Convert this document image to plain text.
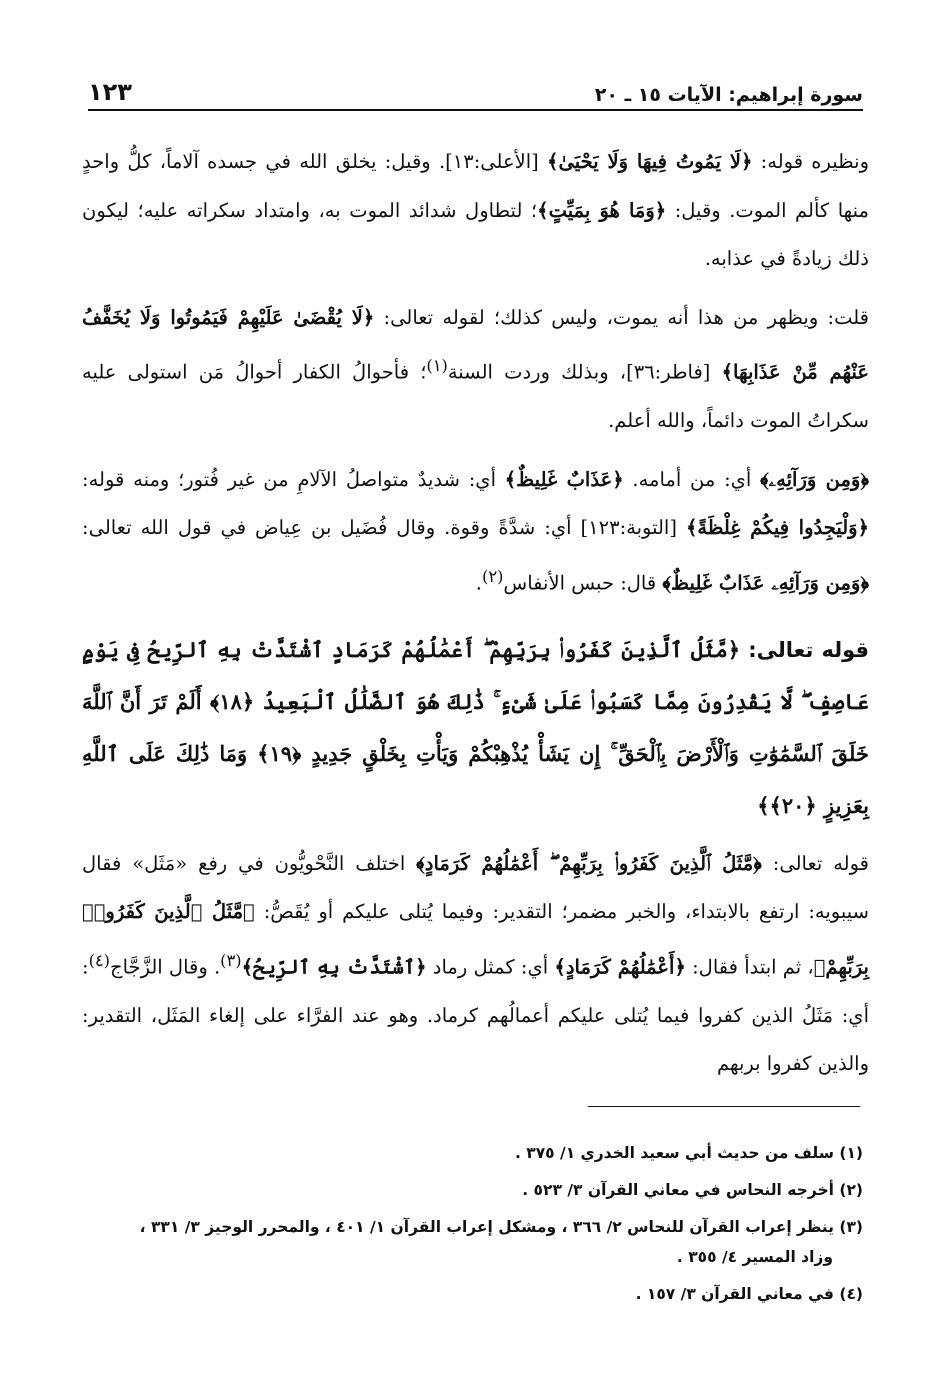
سورة إبراهيم: الآيات ١٥ ـ ٢٠
١٢٣

ونظيره قوله: ﴿لَا يَمُوتُ فِيهَا وَلَا يَحْيَىٰ﴾ [الأعلى:١٣]. وقيل: يخلق الله في جسده آلاماً، كلُّ واحدٍ منها كألم الموت. وقيل: ﴿وَمَا هُوَ بِمَيِّتٍ﴾؛ لتطاول شدائد الموت به، وامتداد سكراته عليه؛ ليكون ذلك زيادةً في عذابه.

قلت: ويظهر من هذا أنه يموت، وليس كذلك؛ لقوله تعالى: ﴿لَا يُقْضَىٰ عَلَيْهِمْ فَيَمُوتُوا وَلَا يُخَفَّفُ عَنْهُم مِّنْ عَذَابِهَا﴾ [فاطر:٣٦]، وبذلك وردت السنة$^{(١)}$؛ فأحوالُ الكفار أحوالُ مَن استولى عليه سكراتُ الموت دائماً، والله أعلم.

﴿وَمِن وَرَآئِهِۦ﴾ أي: من أمامه. ﴿عَذَابٌ غَلِيظٌ﴾ أي: شديدٌ متواصلُ الآلامِ من غير فُتور؛ ومنه قوله: ﴿وَلْيَجِدُوا فِيكُمْ غِلْظَةً﴾ [التوبة:١٢٣] أي: شدَّةً وقوة. وقال فُضَيل بن عِياض في قول الله تعالى: ﴿وَمِن وَرَآئِهِۦ عَذَابٌ غَلِيظٌ﴾ قال: حبس الأنفاس$^{(٢)}$.

قوله تعالى: ﴿مَّثَلُ ٱلَّذِينَ كَفَرُوا۟ بِرَبِّهِمْ ۖ أَعْمَٰلُهُمْ كَرَمَادٍ ٱشْتَدَّتْ بِهِ ٱلرِّيحُ فِى يَوْمٍ عَاصِفٍ ۖ لَّا يَقْدِرُونَ مِمَّا كَسَبُوا۟ عَلَىٰ شَىْءٍ ۚ ذَٰلِكَ هُوَ ٱلضَّلَٰلُ ٱلْبَعِيدُ ﴿١٨﴾ أَلَمْ تَرَ أَنَّ ٱللَّهَ خَلَقَ ٱلسَّمَٰوَٰتِ وَٱلْأَرْضَ بِٱلْحَقِّ ۚ إِن يَشَأْ يُذْهِبْكُمْ وَيَأْتِ بِخَلْقٍ جَدِيدٍ ﴿١٩﴾ وَمَا ذَٰلِكَ عَلَى ٱللَّهِ بِعَزِيزٍ ﴿٢٠﴾﴾

قوله تعالى: ﴿مَّثَلُ ٱلَّذِينَ كَفَرُوا۟ بِرَبِّهِمْ ۖ أَعْمَٰلُهُمْ كَرَمَادٍ﴾ اختلف النَّحْويُّون في رفع «مَثَل» فقال سيبويه: ارتفع بالابتداء، والخبر مضمر؛ التقدير: وفيما يُتلى عليكم أو يُقَصُّ: ﴿مَّثَلُ ٱلَّذِينَ كَفَرُوا۟ بِرَبِّهِمْ﴾، ثم ابتدأ فقال: ﴿أَعْمَٰلُهُمْ كَرَمَادٍ﴾ أي: كمثل رماد ﴿ٱشْتَدَّتْ بِهِ ٱلرِّيحُ﴾$^{(٣)}$. وقال الزَّجَّاج$^{(٤)}$: أي: مَثَلُ الذين كفروا فيما يُتلى عليكم أعمالُهم كرماد. وهو عند الفرَّاء على إلغاء المَثَل، التقدير: والذين كفروا بربهم

(١) سلف من حديث أبي سعيد الخدري ١/ ٣٧٥ .
(٢) أخرجه النحاس في معاني القرآن ٣/ ٥٢٣ .
(٣) ينظر إعراب القرآن للنحاس ٢/ ٣٦٦ ، ومشكل إعراب القرآن ١/ ٤٠١ ، والمحرر الوجيز ٣/ ٣٣١ ،
وزاد المسير ٤/ ٣٥٥ .
(٤) في معاني القرآن ٣/ ١٥٧ .
